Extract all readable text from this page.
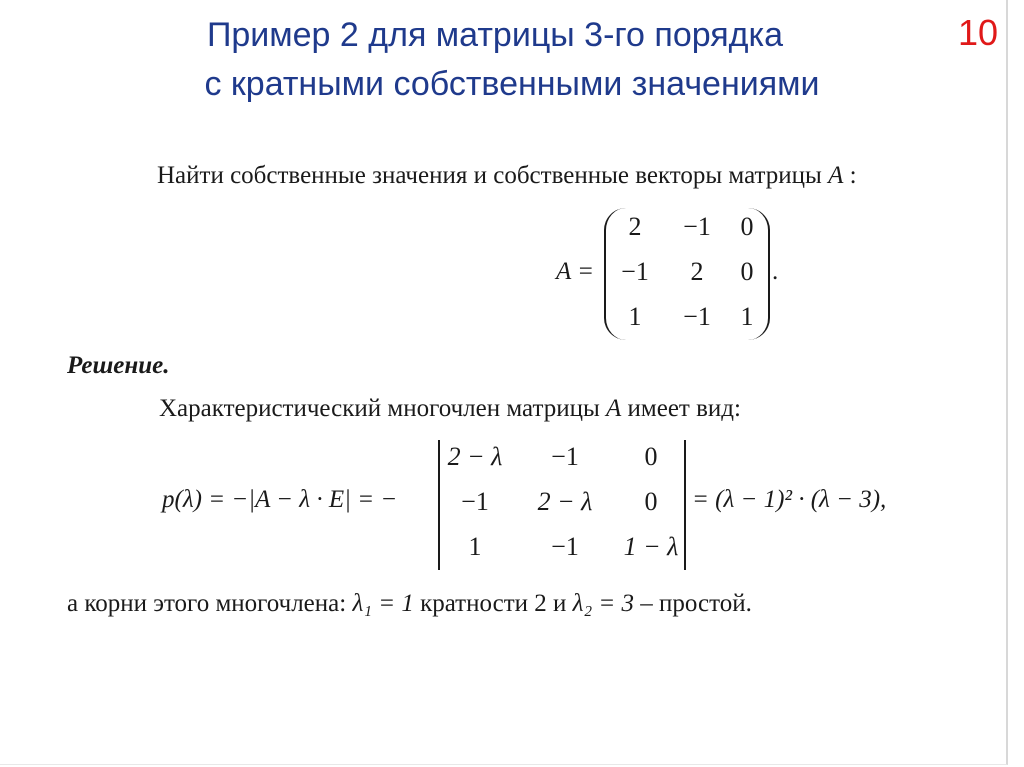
Пример 2 для матрицы 3-го порядка
с кратными собственными значениями
10
Найти собственные значения и собственные векторы матрицы A :
A =
2	−1	0
−1	2	0
1	−1	1
.
Решение.
Характеристический многочлен матрицы A имеет вид:
p(λ) = −|A − λ · E| = −
2 − λ	−1	0
−1	2 − λ	0
1	−1	1 − λ
= (λ − 1)² · (λ − 3),
а корни этого многочлена: λ₁ = 1 кратности 2 и λ₂ = 3 – простой.
